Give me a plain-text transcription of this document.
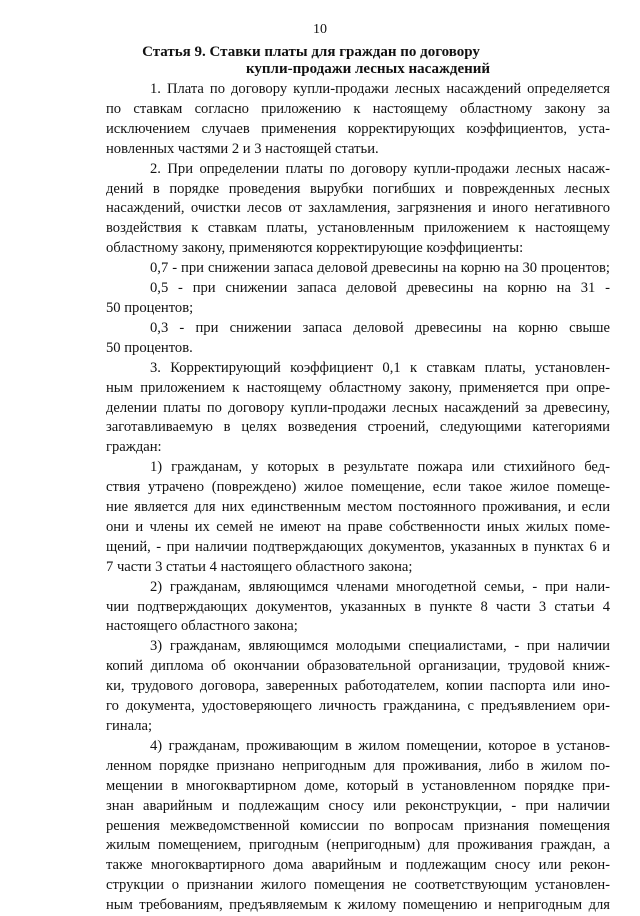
10
Статья 9. Ставки платы для граждан по договору
купли-продажи лесных насаждений
1. Плата по договору купли-продажи лесных насаждений определяется
по ставкам согласно приложению к настоящему областному закону за
исключением случаев применения корректирующих коэффициентов, уста-
новленных частями 2 и 3 настоящей статьи.
2. При определении платы по договору купли-продажи лесных насаж-
дений в порядке проведения вырубки погибших и поврежденных лесных
насаждений, очистки лесов от захламления, загрязнения и иного негативного
воздействия к ставкам платы, установленным приложением к настоящему
областному закону, применяются корректирующие коэффициенты:
0,7 - при снижении запаса деловой древесины на корню на 30 процентов;
0,5 - при снижении запаса деловой древесины на корню на 31 -
50 процентов;
0,3 - при снижении запаса деловой древесины на корню свыше
50 процентов.
3. Корректирующий коэффициент 0,1 к ставкам платы, установлен-
ным приложением к настоящему областному закону, применяется при опре-
делении платы по договору купли-продажи лесных насаждений за древесину,
заготавливаемую в целях возведения строений, следующими категориями
граждан:
1) гражданам, у которых в результате пожара или стихийного бед-
ствия утрачено (повреждено) жилое помещение, если такое жилое помеще-
ние является для них единственным местом постоянного проживания, и если
они и члены их семей не имеют на праве собственности иных жилых поме-
щений, - при наличии подтверждающих документов, указанных в пунктах 6 и
7 части 3 статьи 4 настоящего областного закона;
2) гражданам, являющимся членами многодетной семьи, - при нали-
чии подтверждающих документов, указанных в пункте 8 части 3 статьи 4
настоящего областного закона;
3) гражданам, являющимся молодыми специалистами, - при наличии
копий диплома об окончании образовательной организации, трудовой книж-
ки, трудового договора, заверенных работодателем, копии паспорта или ино-
го документа, удостоверяющего личность гражданина, с предъявлением ори-
гинала;
4) гражданам, проживающим в жилом помещении, которое в установ-
ленном порядке признано непригодным для проживания, либо в жилом по-
мещении в многоквартирном доме, который в установленном порядке при-
знан аварийным и подлежащим сносу или реконструкции, - при наличии
решения межведомственной комиссии по вопросам признания помещения
жилым помещением, пригодным (непригодным) для проживания граждан, а
также многоквартирного дома аварийным и подлежащим сносу или рекон-
струкции о признании жилого помещения не соответствующим установлен-
ным требованиям, предъявляемым к жилому помещению и непригодным для
